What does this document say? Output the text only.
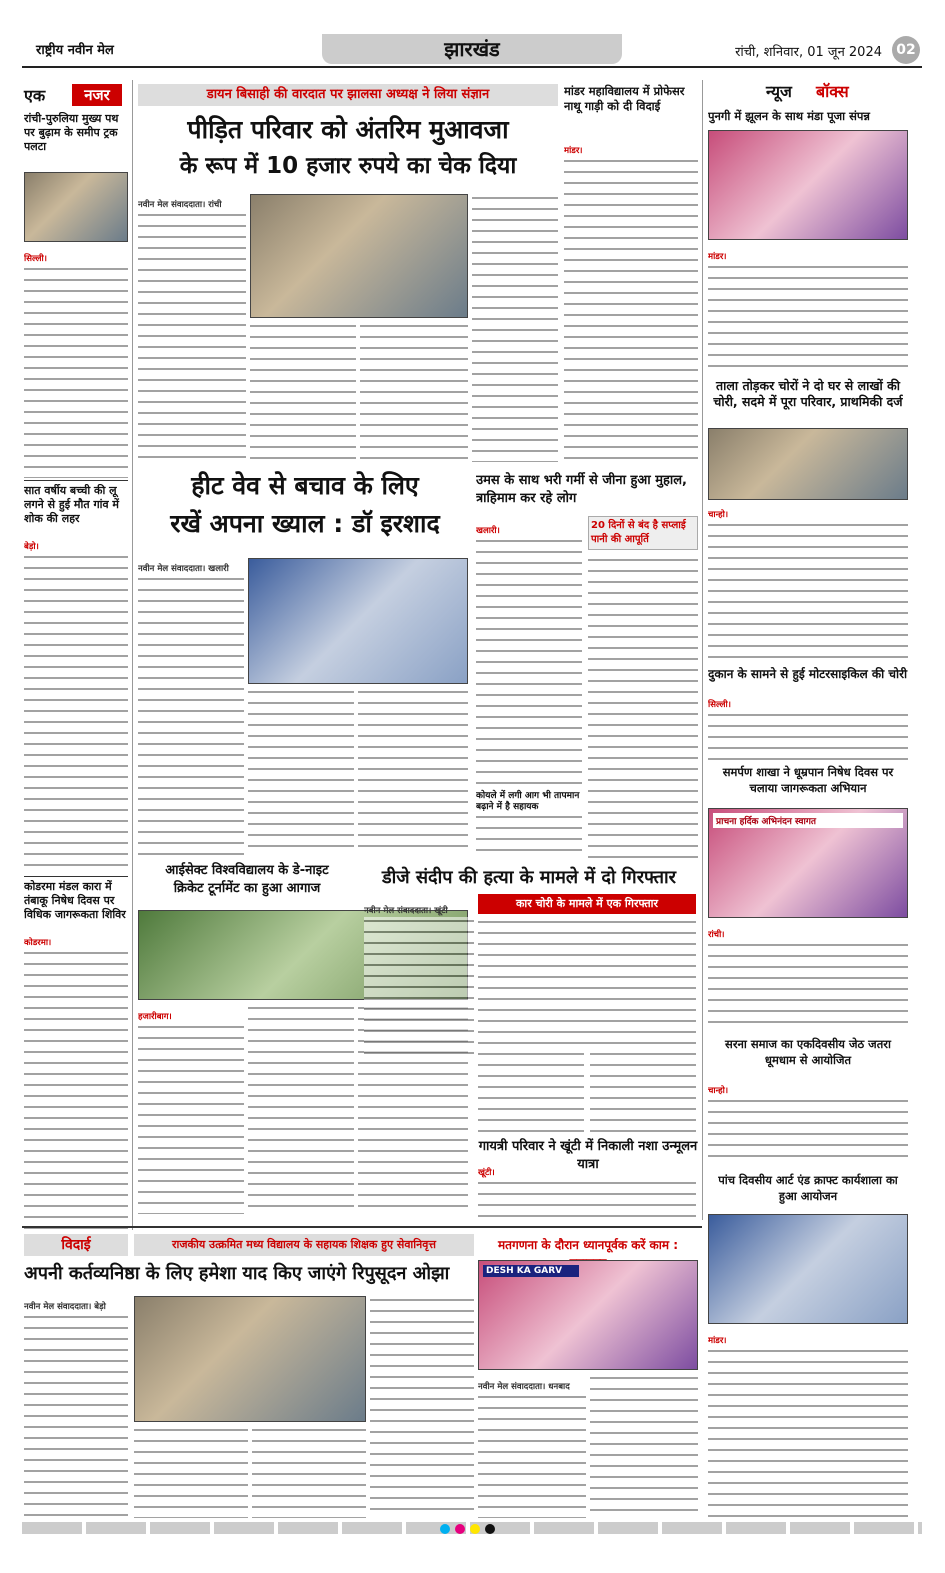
राष्ट्रीय नवीन मेल	झारखंड	रांची, शनिवार, 01 जून 2024	02
एक	नजर
रांची-पुरुलिया मुख्य पथ पर बुढ़ाम के समीप ट्रक पलटा
सिल्ली।
सात वर्षीय बच्ची की लू लगने से हुई मौत गांव में शोक की लहर
बेड़ो।
कोडरमा मंडल कारा में तंबाकू निषेध दिवस पर विधिक जागरूकता शिविर
कोडरमा।
डायन बिसाही की वारदात पर झालसा अध्यक्ष ने लिया संज्ञान
पीड़ित परिवार को अंतरिम मुआवजा
के रूप में 10 हजार रुपये का चेक दिया
नवीन मेल संवाददाता। रांची
मांडर महाविद्यालय में प्रोफेसर नाथू गाड़ी को दी विदाई
मांडर।
हीट वेव से बचाव के लिए
रखें अपना ख्याल : डॉ इरशाद
नवीन मेल संवाददाता। खलारी
उमस के साथ भरी गर्मी से जीना हुआ मुहाल, त्राहिमाम कर रहे लोग
खलारी।
कोयले में लगी आग भी तापमान बढ़ाने में है सहायक
20 दिनों से बंद है सप्लाई पानी की आपूर्ति
आईसेक्ट विश्वविद्यालय के डे-नाइट
क्रिकेट टूर्नामेंट का हुआ आगाज
हजारीबाग।
डीजे संदीप की हत्या के मामले में दो गिरफ्तार
नवीन मेल संवाददाता। खूंटी
कार चोरी के मामले में एक गिरफ्तार
गायत्री परिवार ने खूंटी में निकाली नशा उन्मूलन यात्रा
खूंटी।
न्यूज बॉक्स
पुनगी में झूलन के साथ मंडा पूजा संपन्न
मांडर।
ताला तोड़कर चोरों ने दो घर से लाखों की चोरी, सदमे में पूरा परिवार, प्राथमिकी दर्ज
चान्हो।
दुकान के सामने से हुई मोटरसाइकिल की चोरी
सिल्ली।
समर्पण शाखा ने धूम्रपान निषेध दिवस पर चलाया जागरूकता अभियान
प्राचना हर्दिक अभिनंदन स्वागत
रांची।
सरना समाज का एकदिवसीय जेठ जतरा धूमधाम से आयोजित
चान्हो।
पांच दिवसीय आर्ट एंड क्राफ्ट कार्यशाला का हुआ आयोजन
मांडर।
विदाई	राजकीय उत्क्रमित मध्य विद्यालय के सहायक शिक्षक हुए सेवानिवृत्त
अपनी कर्तव्यनिष्ठा के लिए हमेशा याद किए जाएंगे रिपुसूदन ओझा
नवीन मेल संवाददाता। बेड़ो
मतगणना के दौरान ध्यानपूर्वक करें काम :
DESH KA GARV
नवीन मेल संवाददाता। धनबाद
